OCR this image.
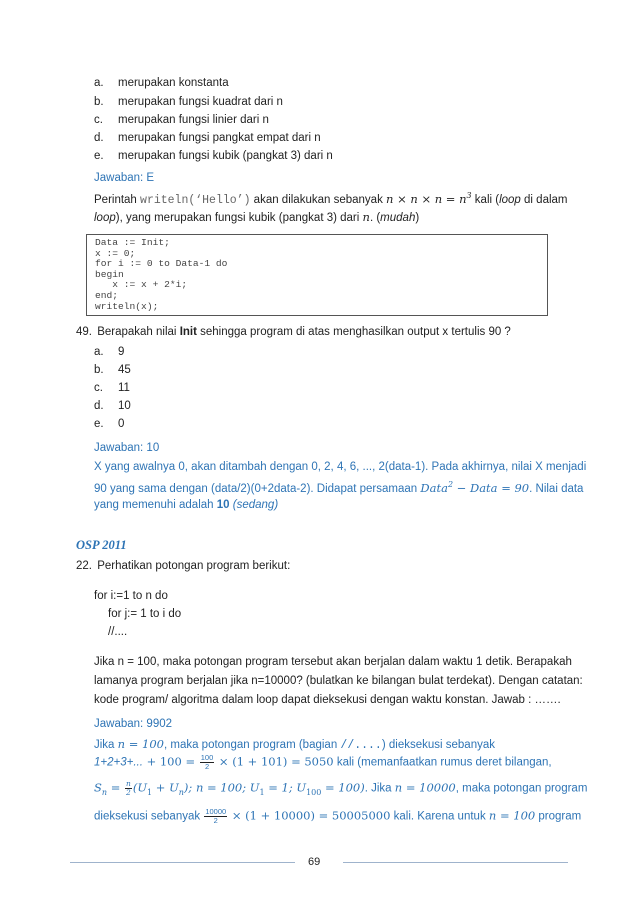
a. merupakan konstanta
b. merupakan fungsi kuadrat dari n
c. merupakan fungsi linier dari n
d. merupakan fungsi pangkat empat dari n
e. merupakan fungsi kubik (pangkat 3) dari n
Jawaban: E
Perintah writeln(‘Hello’) akan dilakukan sebanyak $n \times n \times n = n^3$ kali (loop di dalam
loop), yang merupakan fungsi kubik (pangkat 3) dari n. (mudah)
Data := Init;
x := 0;
for i := 0 to Data-1 do
begin
x := x + 2*i;
end;
writeln(x);
49. Berapakah nilai Init sehingga program di atas menghasilkan output x tertulis 90 ?
a. 9
b. 45
c. 11
d. 10
e. 0
Jawaban: 10
X yang awalnya 0, akan ditambah dengan 0, 2, 4, 6, ..., 2(data-1). Pada akhirnya, nilai X menjadi
90 yang sama dengan (data/2)(0+2data-2). Didapat persamaan Data$^2$ − Data = 90. Nilai data
yang memenuhi adalah 10 (sedang)
OSP 2011
22. Perhatikan potongan program berikut:
for i:=1 to n do
for j:= 1 to i do
//....
Jika n = 100, maka potongan program tersebut akan berjalan dalam waktu 1 detik. Berapakah
lamanya program berjalan jika n=10000? (bulatkan ke bilangan bulat terdekat). Dengan catatan:
kode program/ algoritma dalam loop dapat dieksekusi dengan waktu konstan. Jawab : …….
Jawaban: 9902
Jika n = 100, maka potongan program (bagian //....) dieksekusi sebanyak
1+2+3+... + $100 = \frac{100}{2} \times (1 + 101) = 5050$ kali (memanfaatkan rumus deret bilangan,
$S_n = \frac{n}{2} (U_1 + U_n)$; n = 100; $U_1 = 1$; $U_{100} = 100$). Jika n = 10000, maka potongan program
dieksekusi sebanyak $\frac{10000}{2} \times (1 + 10000) = 50005000$ kali. Karena untuk n = 100 program
69
